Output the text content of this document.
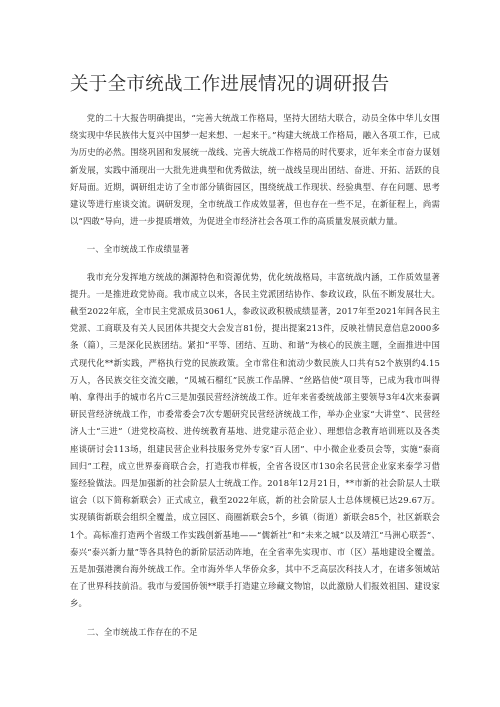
关于全市统战工作进展情况的调研报告

党的二十大报告明确提出，“完善大统战工作格局，坚持大团结大联合，动员全体中华儿女围绕实现中华民族伟大复兴中国梦一起来想、一起来干。”构建大统战工作格局，融入各项工作，已成为历史的必然。围绕巩固和发展统一战线、完善大统战工作格局的时代要求，近年来全市奋力谋划新发展，实践中涌现出一大批先进典型和优秀做法，统一战线呈现出团结、奋进、开拓、活跃的良好局面。近期，调研组走访了全市部分镇街园区，围绕统战工作现状、经验典型、存在问题、思考建议等进行座谈交流。调研发现，全市统战工作成效显著，但也存在一些不足，在新征程上，尚需以“四敢”导向，进一步提质增效，为促进全市经济社会各项工作的高质量发展贡献力量。

一、全市统战工作成绩显著

我市充分发挥地方统战的渊源特色和资源优势，优化统战格局，丰富统战内涵，工作质效显著提升。一是推进政党协商。我市成立以来，各民主党派团结协作、参政议政，队伍不断发展壮大。截至2022年底，全市民主党派成员3061人，参政议政积极成绩显著，2017年至2021年间各民主党派、工商联及有关人民团体共提交大会发言81份，提出提案213件，反映社情民意信息2000多条（篇），三是深化民族团结。紧扣“平等、团结、互助、和谐”为核心的民族主题，全面推进中国式现代化**新实践，严格执行党的民族政策。全市常住和流动少数民族人口共有52个族别约4.15万人，各民族交往交流交融，“凤城石榴红”民族工作品牌、“丝路信使”项目等，已成为我市叫得响、拿得出手的城市名片C三是加强民营经济统战工作。近年来省委统战部主要领导3年4次来泰调研民营经济统战工作，市委常委会7次专题研究民营经济统战工作，举办企业家“大讲堂”、民营经济人士“三进”（进党校高校、进传统教育基地、进党建示范企业）、理想信念教育培训班以及各类座谈研讨会113场，组建民营企业科技服务党外专家“百人团”、中小微企业委员会等，实施“泰商回归”工程，成立世界泰商联合会，打造我市样板，全省各设区市130余名民营企业家来泰学习借鉴经验做法。四是加强新的社会阶层人士统战工作。2018年12月21日，**市新的社会阶层人士联谊会（以下简称新联会）正式成立，截至2022年底，新的社会阶层人士总体规模已达29.67万。实现镇街新联会组织全覆盖，成立园区、商圈新联会5个，乡镇（街道）新联会85个，社区新联会1个。高标准打造两个省级工作实践创新基地——“儒新社”和“未来之城”以及靖江“马洲心联荟”、泰兴“泰兴新力量”等各具特色的新阶层活动阵地，在全省率先实现市、市（区）基地建设全覆盖。五是加强港澳台海外统战工作。全市海外华人华侨众多，其中不乏高层次科技人才，在诸多领域站在了世界科技前沿。我市与爱国侨领**联手打造建立珍藏文物馆，以此激励人们报效祖国、建设家乡。

二、全市统战工作存在的不足
